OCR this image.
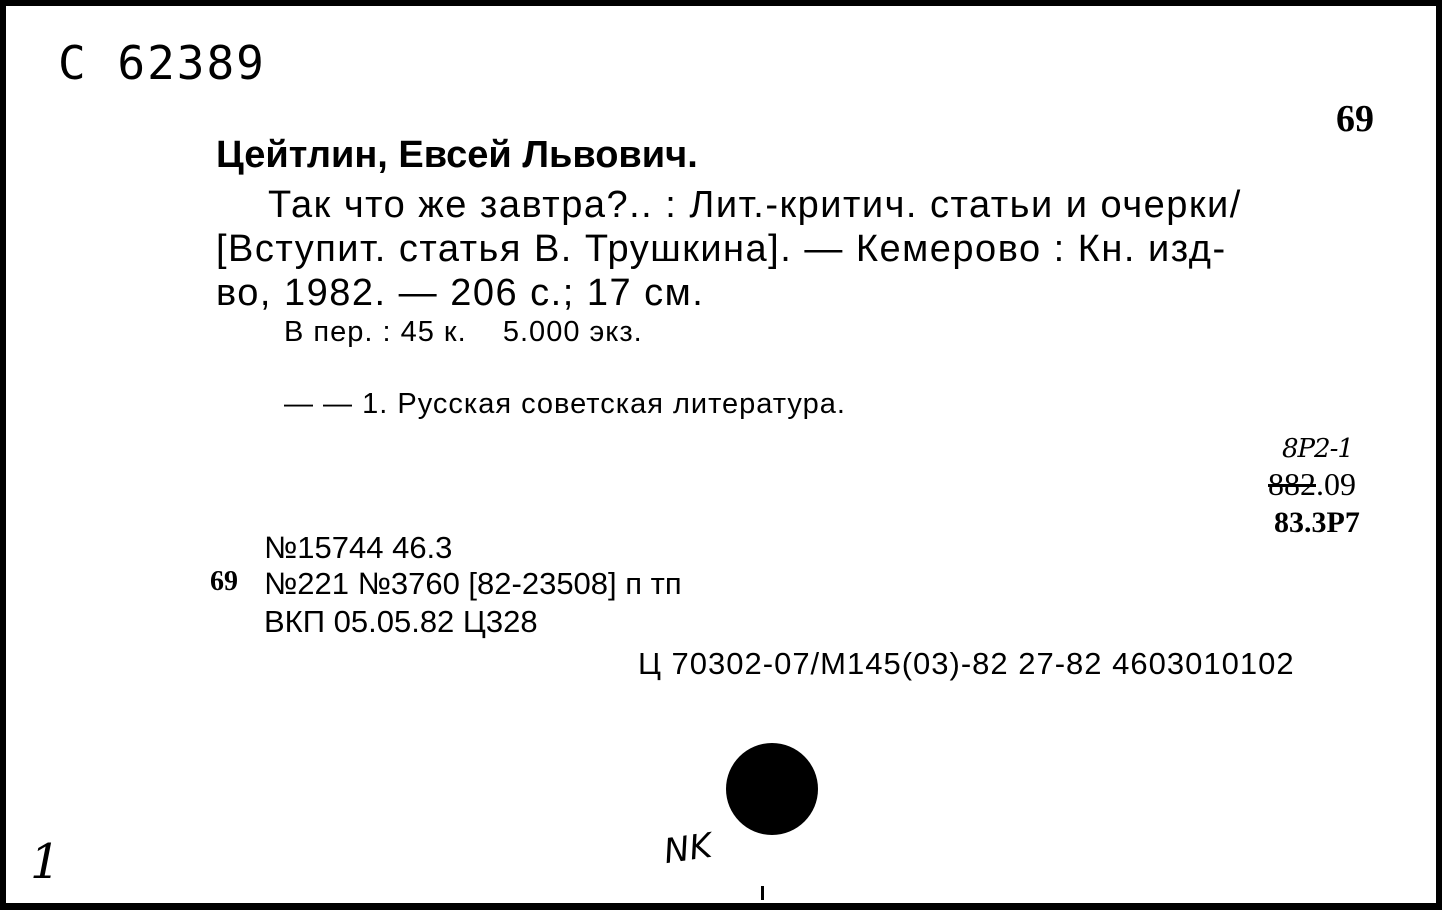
С 62389
69
Цейтлин, Евсей Львович.
Так что же завтра?.. : Лит.-критич. статьи и очерки/
[Вступит. статья В. Трушкина]. — Кемерово : Кн. изд-
во, 1982. — 206 с.; 17 см.
В пер. : 45 к.    5.000 экз.
— — 1. Русская советская литература.
8Р2-1
882.09
83.3Р7
№15744 46.3
69 №221 №3760 [82-23508] п тп
ВКП 05.05.82 Ц328
Ц 70302-07/М145(03)-82 27-82 4603010102
NK
1
